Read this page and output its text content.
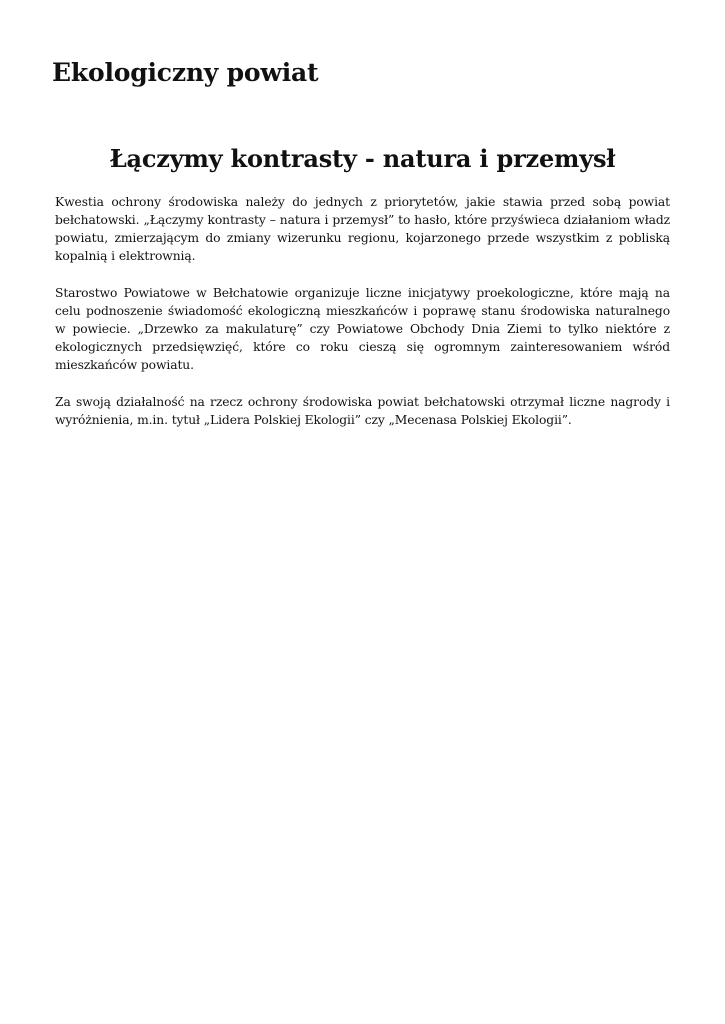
Ekologiczny powiat
Łączymy kontrasty - natura i przemysł

Kwestia ochrony środowiska należy do jednych z priorytetów, jakie stawia przed sobą powiat bełchatowski. „Łączymy kontrasty – natura i przemysł” to hasło, które przyświeca działaniom władz powiatu, zmierzającym do zmiany wizerunku regionu, kojarzonego przede wszystkim z pobliską kopalnią i elektrownią.

Starostwo Powiatowe w Bełchatowie organizuje liczne inicjatywy proekologiczne, które mają na celu podnoszenie świadomość ekologiczną mieszkańców i poprawę stanu środowiska naturalnego w powiecie. „Drzewko za makulaturę” czy Powiatowe Obchody Dnia Ziemi to tylko niektóre z ekologicznych przedsięwzięć, które co roku cieszą się ogromnym zainteresowaniem wśród mieszkańców powiatu.

Za swoją działalność na rzecz ochrony środowiska powiat bełchatowski otrzymał liczne nagrody i wyróżnienia, m.in. tytuł „Lidera Polskiej Ekologii” czy „Mecenasa Polskiej Ekologii”.
